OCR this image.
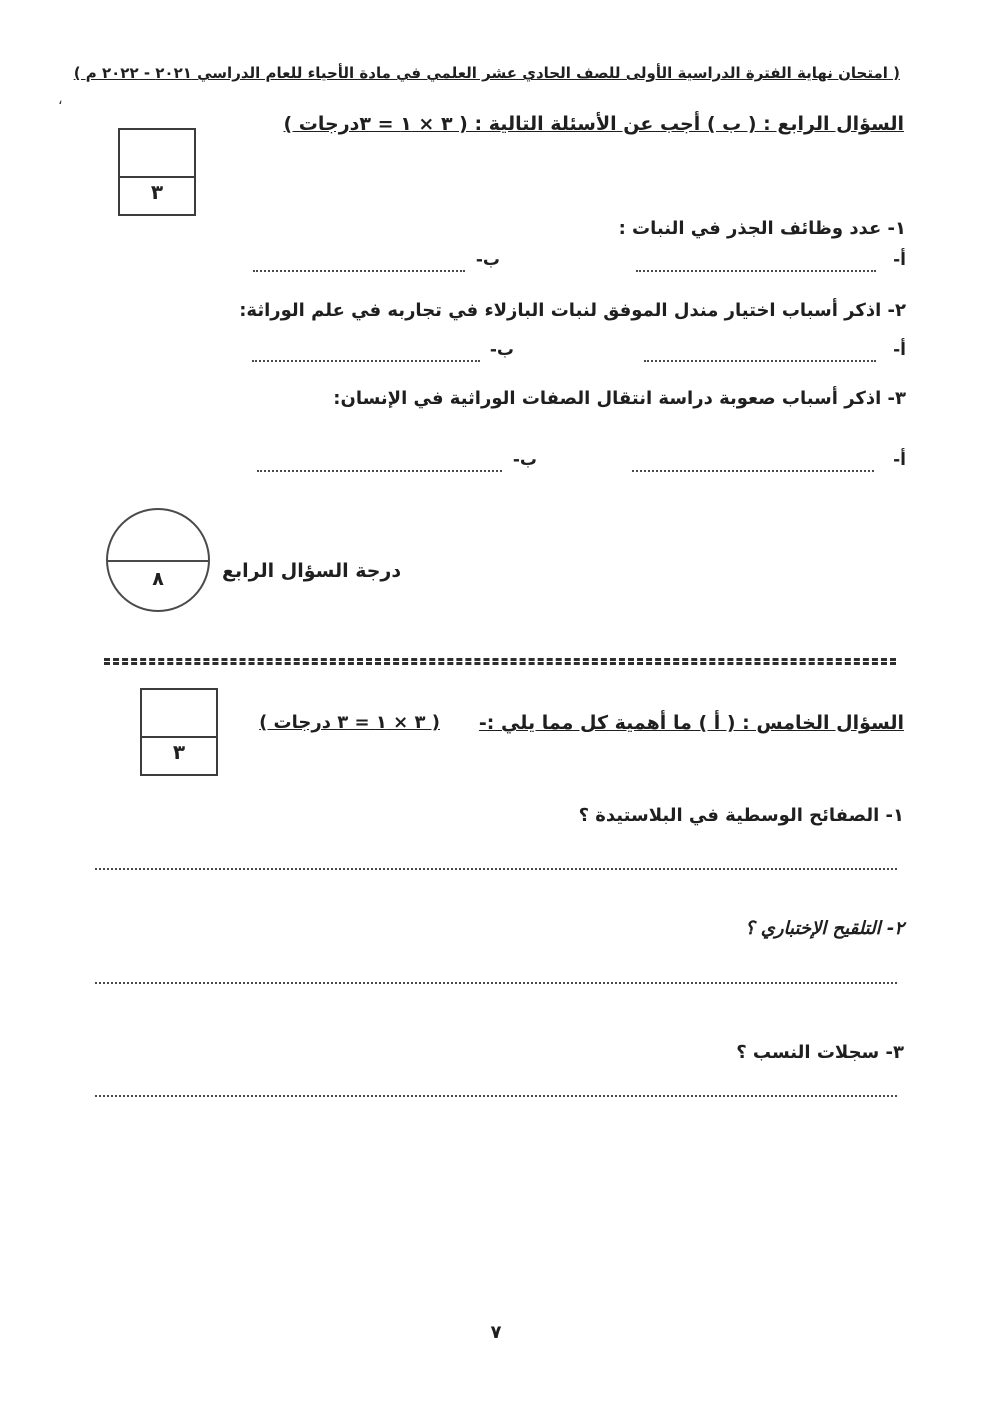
( امتحان نهاية الفترة الدراسية الأولى للصف الحادي عشر العلمي في مادة الأحياء للعام الدراسي ٢٠٢١ - ٢٠٢٢ م )
،
السؤال الرابع : ( ب ) أجب عن الأسئلة التالية : ( ٣ × ١ = ٣درجات )
٣
١- عدد وظائف الجذر في النبات :
أ-
ب-
٢- اذكر أسباب اختيار مندل الموفق لنبات البازلاء في تجاربه في علم الوراثة:
أ-
ب-
٣- اذكر أسباب صعوبة دراسة انتقال الصفات الوراثية في الإنسان:
أ-
ب-
٨	درجة السؤال الرابع
٣
السؤال الخامس : ( أ ) ما أهمية كل مما يلي :-
( ٣ × ١ = ٣ درجات )
١- الصفائح الوسطية في البلاستيدة ؟
٢- التلقيح الإختباري ؟
٣- سجلات النسب ؟
٧
